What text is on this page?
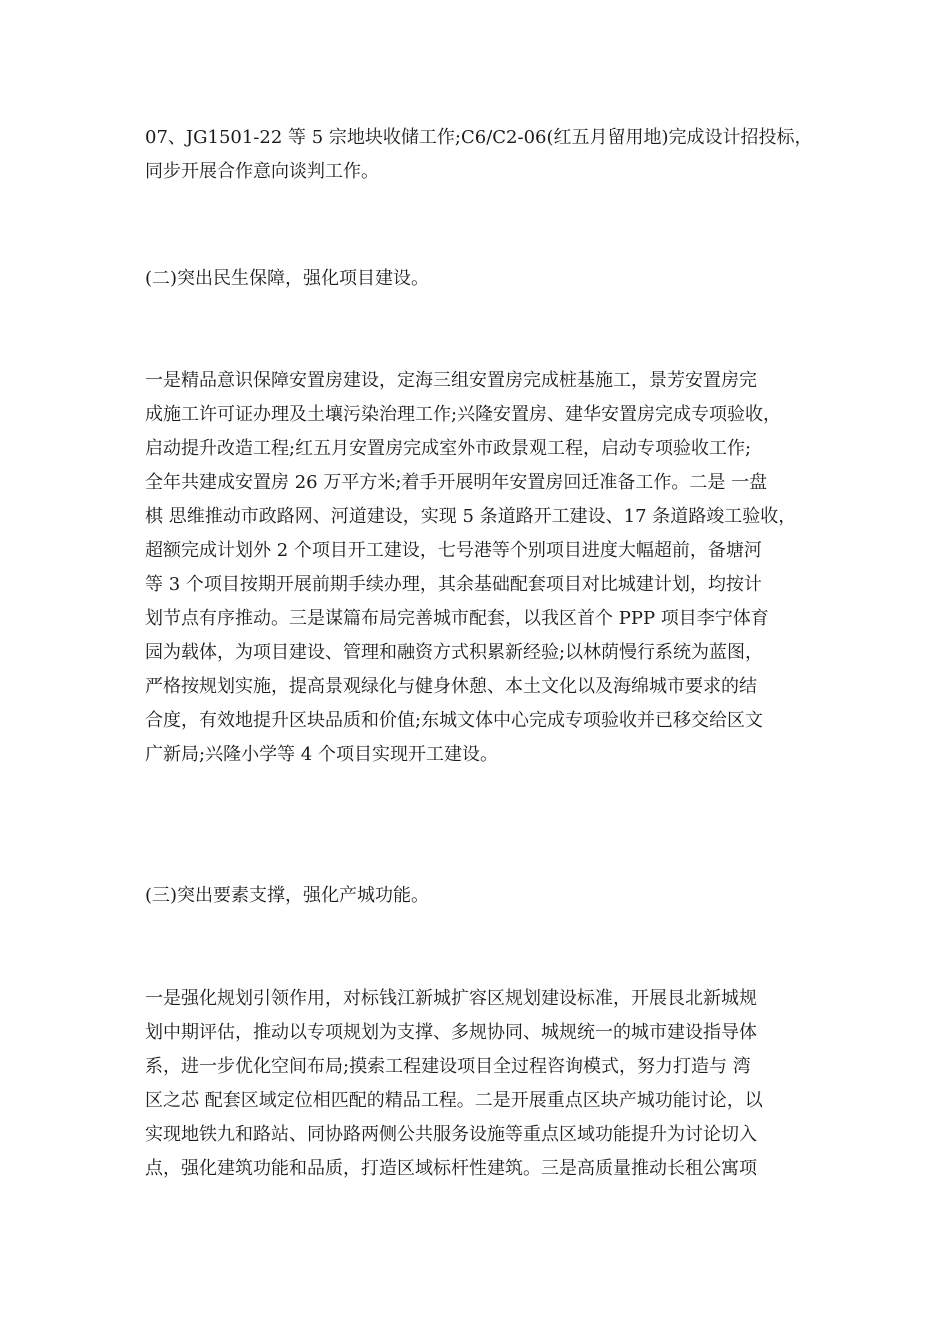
07、JG1501-22 等 5 宗地块收储工作;C6/C2-06(红五月留用地)完成设计招投标，
同步开展合作意向谈判工作。
(二)突出民生保障，强化项目建设。
一是精品意识保障安置房建设，定海三组安置房完成桩基施工，景芳安置房完
成施工许可证办理及土壤污染治理工作;兴隆安置房、建华安置房完成专项验收，
启动提升改造工程;红五月安置房完成室外市政景观工程，启动专项验收工作;
全年共建成安置房 26 万平方米;着手开展明年安置房回迁准备工作。二是 一盘
棋 思维推动市政路网、河道建设，实现 5 条道路开工建设、17 条道路竣工验收，
超额完成计划外 2 个项目开工建设，七号港等个别项目进度大幅超前，备塘河
等 3 个项目按期开展前期手续办理，其余基础配套项目对比城建计划，均按计
划节点有序推动。三是谋篇布局完善城市配套，以我区首个 PPP 项目李宁体育
园为载体，为项目建设、管理和融资方式积累新经验;以林荫慢行系统为蓝图，
严格按规划实施，提高景观绿化与健身休憩、本土文化以及海绵城市要求的结
合度，有效地提升区块品质和价值;东城文体中心完成专项验收并已移交给区文
广新局;兴隆小学等 4 个项目实现开工建设。
(三)突出要素支撑，强化产城功能。
一是强化规划引领作用，对标钱江新城扩容区规划建设标准，开展艮北新城规
划中期评估，推动以专项规划为支撑、多规协同、城规统一的城市建设指导体
系，进一步优化空间布局;摸索工程建设项目全过程咨询模式，努力打造与 湾
区之芯 配套区域定位相匹配的精品工程。二是开展重点区块产城功能讨论，以
实现地铁九和路站、同协路两侧公共服务设施等重点区域功能提升为讨论切入
点，强化建筑功能和品质，打造区域标杆性建筑。三是高质量推动长租公寓项
